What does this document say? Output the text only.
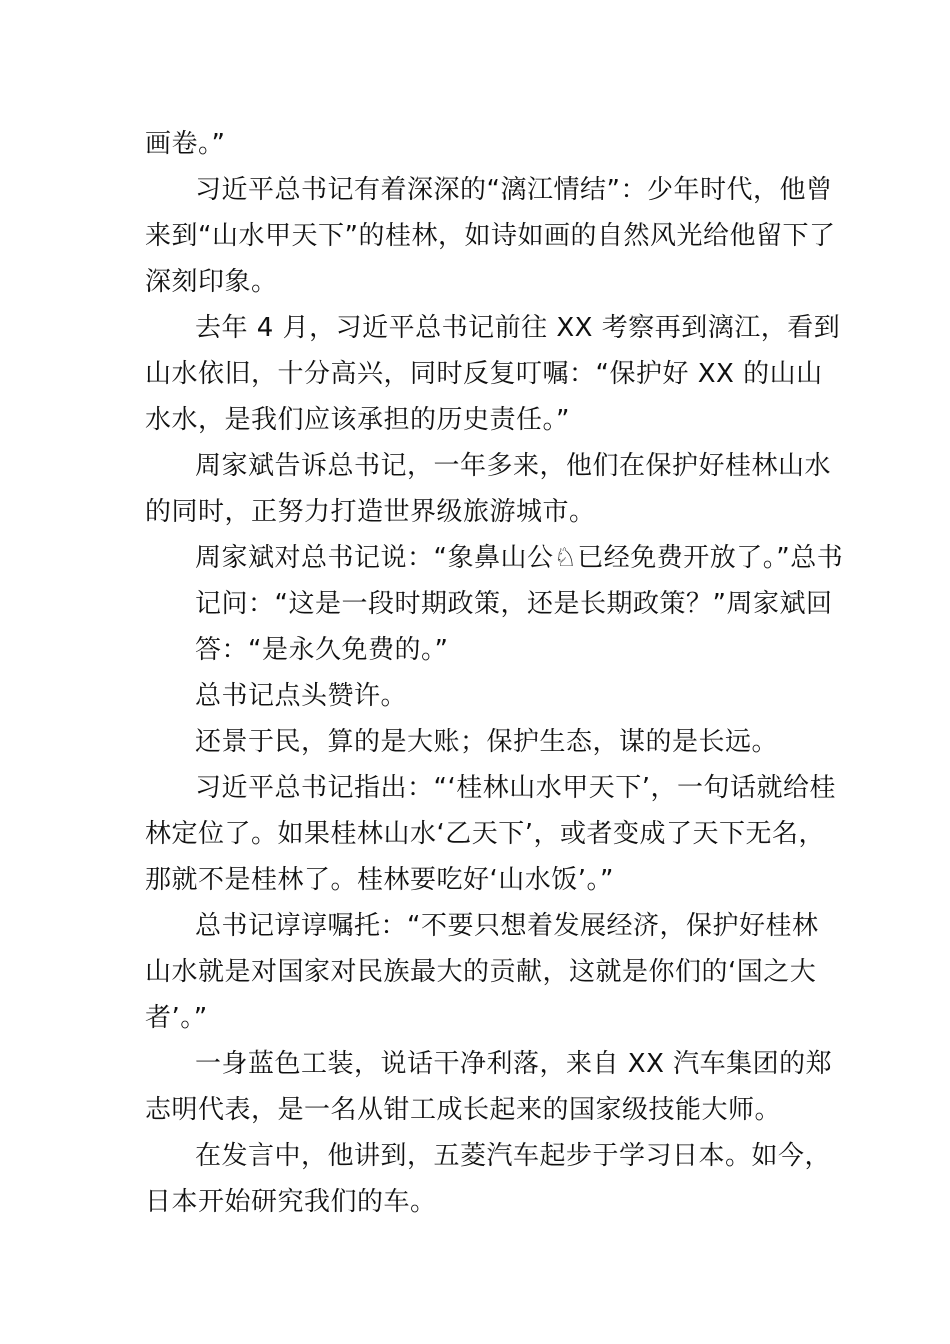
画卷。”
习近平总书记有着深深的“漓江情结”：少年时代，他曾
来到“山水甲天下”的桂林，如诗如画的自然风光给他留下了
深刻印象。
去年 4 月，习近平总书记前往 XX 考察再到漓江，看到
山水依旧，十分高兴，同时反复叮嘱：“保护好 XX 的山山
水水，是我们应该承担的历史责任。”
周家斌告诉总书记，一年多来，他们在保护好桂林山水
的同时，正努力打造世界级旅游城市。
周家斌对总书记说：“象鼻山公♘已经免费开放了。”总书
记问：“这是一段时期政策，还是长期政策？”周家斌回
答：“是永久免费的。”
总书记点头赞许。
还景于民，算的是大账；保护生态，谋的是长远。
习近平总书记指出：“‘桂林山水甲天下’，一句话就给桂
林定位了。如果桂林山水‘乙天下’，或者变成了天下无名，
那就不是桂林了。桂林要吃好‘山水饭’。”
总书记谆谆嘱托：“不要只想着发展经济，保护好桂林
山水就是对国家对民族最大的贡献，这就是你们的‘国之大
者’。”
一身蓝色工装，说话干净利落，来自 XX 汽车集团的郑
志明代表，是一名从钳工成长起来的国家级技能大师。
在发言中，他讲到，五菱汽车起步于学习日本。如今，
日本开始研究我们的车。
